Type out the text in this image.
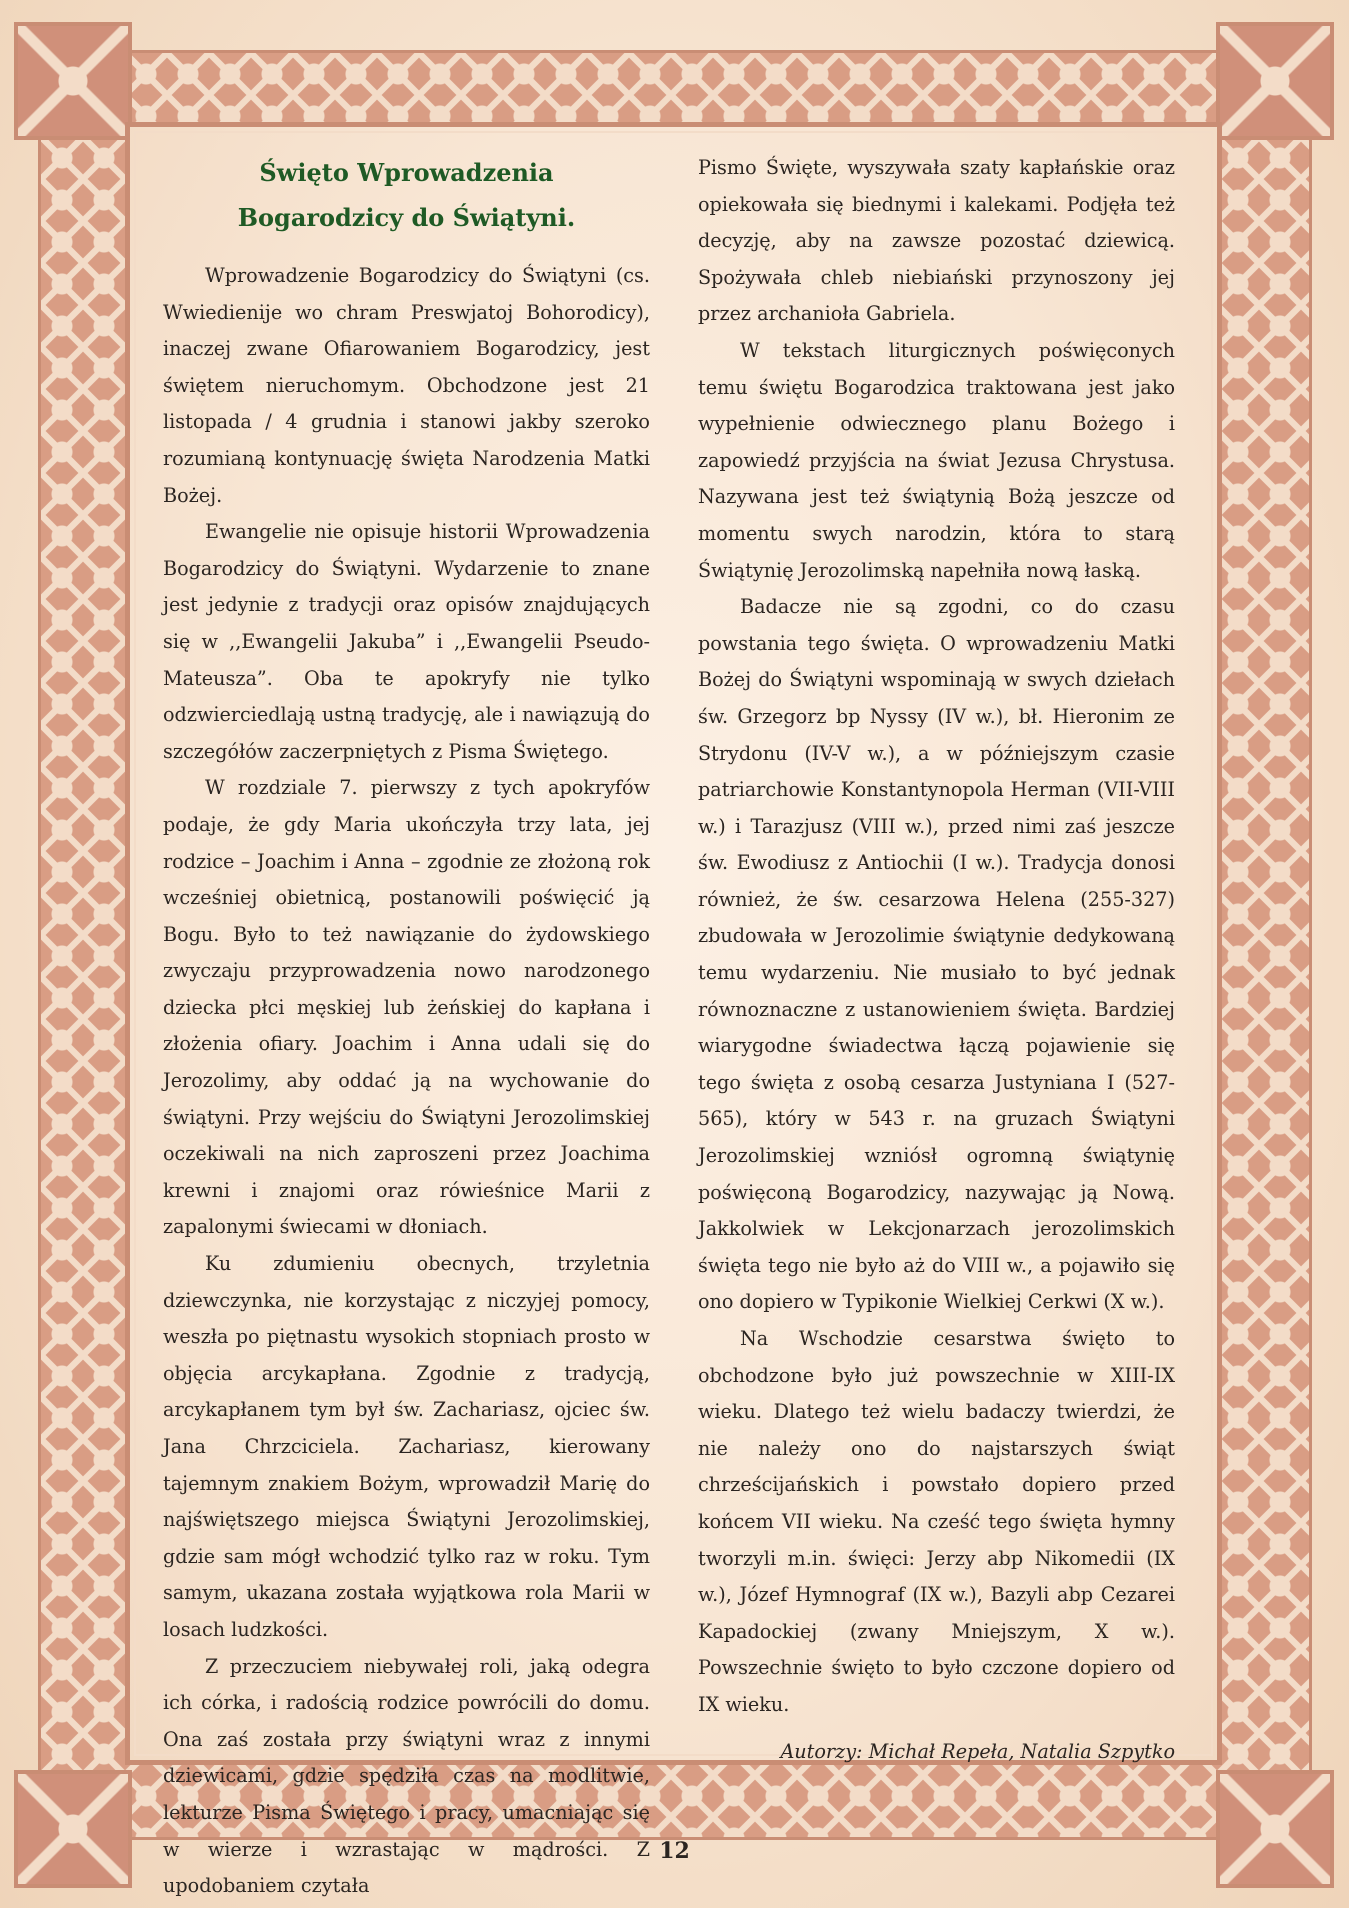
Święto Wprowadzenia
Bogarodzicy do Świątyni.

Wprowadzenie Bogarodzicy do Świątyni (cs. Wwiedienije wo chram Preswjatoj Bohorodicy), inaczej zwane Ofiarowaniem Bogarodzicy, jest świętem nieruchomym. Obchodzone jest 21 listopada / 4 grudnia i stanowi jakby szeroko rozumianą kontynuację święta Narodzenia Matki Bożej.

Ewangelie nie opisuje historii Wprowadzenia Bogarodzicy do Świątyni. Wydarzenie to znane jest jedynie z tradycji oraz opisów znajdujących się w ,,Ewangelii Jakuba” i ,,Ewangelii Pseudo-Mateusza”. Oba te apokryfy nie tylko odzwierciedlają ustną tradycję, ale i nawiązują do szczegółów zaczerpniętych z Pisma Świętego.

W rozdziale 7. pierwszy z tych apokryfów podaje, że gdy Maria ukończyła trzy lata, jej rodzice – Joachim i Anna – zgodnie ze złożoną rok wcześniej obietnicą, postanowili poświęcić ją Bogu. Było to też nawiązanie do żydowskiego zwyczaju przyprowadzenia nowo narodzonego dziecka płci męskiej lub żeńskiej do kapłana i złożenia ofiary. Joachim i Anna udali się do Jerozolimy, aby oddać ją na wychowanie do świątyni. Przy wejściu do Świątyni Jerozolimskiej oczekiwali na nich zaproszeni przez Joachima krewni i znajomi oraz rówieśnice Marii z zapalonymi świecami w dłoniach.

Ku zdumieniu obecnych, trzyletnia dziewczynka, nie korzystając z niczyjej pomocy, weszła po piętnastu wysokich stopniach prosto w objęcia arcykapłana. Zgodnie z tradycją, arcykapłanem tym był św. Zachariasz, ojciec św. Jana Chrzciciela. Zachariasz, kierowany tajemnym znakiem Bożym, wprowadził Marię do najświętszego miejsca Świątyni Jerozolimskiej, gdzie sam mógł wchodzić tylko raz w roku. Tym samym, ukazana została wyjątkowa rola Marii w losach ludzkości.

Z przeczuciem niebywałej roli, jaką odegra ich córka, i radością rodzice powrócili do domu. Ona zaś została przy świątyni wraz z innymi dziewicami, gdzie spędziła czas na modlitwie, lekturze Pisma Świętego i pracy, umacniając się w wierze i wzrastając w mądrości. Z upodobaniem czytała

Pismo Święte, wyszywała szaty kapłańskie oraz opiekowała się biednymi i kalekami. Podjęła też decyzję, aby na zawsze pozostać dziewicą. Spożywała chleb niebiański przynoszony jej przez archanioła Gabriela.

W tekstach liturgicznych poświęconych temu świętu Bogarodzica traktowana jest jako wypełnienie odwiecznego planu Bożego i zapowiedź przyjścia na świat Jezusa Chrystusa. Nazywana jest też świątynią Bożą jeszcze od momentu swych narodzin, która to starą Świątynię Jerozolimską napełniła nową łaską.

Badacze nie są zgodni, co do czasu powstania tego święta. O wprowadzeniu Matki Bożej do Świątyni wspominają w swych dziełach św. Grzegorz bp Nyssy (IV w.), bł. Hieronim ze Strydonu (IV-V w.), a w późniejszym czasie patriarchowie Konstantynopola Herman (VII-VIII w.) i Tarazjusz (VIII w.), przed nimi zaś jeszcze św. Ewodiusz z Antiochii (I w.). Tradycja donosi również, że św. cesarzowa Helena (255-327) zbudowała w Jerozolimie świątynie dedykowaną temu wydarzeniu. Nie musiało to być jednak równoznaczne z ustanowieniem święta. Bardziej wiarygodne świadectwa łączą pojawienie się tego święta z osobą cesarza Justyniana I (527-565), który w 543 r. na gruzach Świątyni Jerozolimskiej wzniósł ogromną świątynię poświęconą Bogarodzicy, nazywając ją Nową. Jakkolwiek w Lekcjonarzach jerozolimskich święta tego nie było aż do VIII w., a pojawiło się ono dopiero w Typikonie Wielkiej Cerkwi (X w.).

Na Wschodzie cesarstwa święto to obchodzone było już powszechnie w XIII-IX wieku. Dlatego też wielu badaczy twierdzi, że nie należy ono do najstarszych świąt chrześcijańskich i powstało dopiero przed końcem VII wieku. Na cześć tego święta hymny tworzyli m.in. święci: Jerzy abp Nikomedii (IX w.), Józef Hymnograf (IX w.), Bazyli abp Cezarei Kapadockiej (zwany Mniejszym, X w.). Powszechnie święto to było czczone dopiero od IX wieku.

Autorzy: Michał Repeła, Natalia Szpytko
12
